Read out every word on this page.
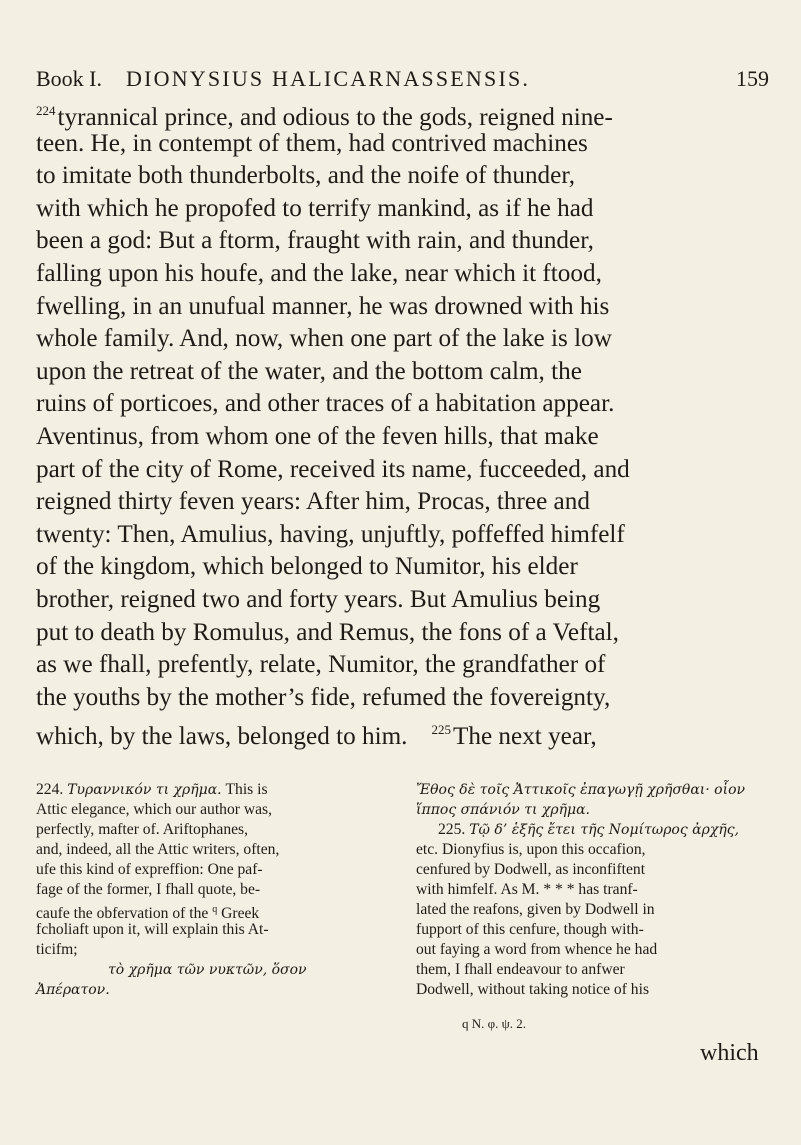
Book I. DIONYSIUS HALICARNASSENSIS.	159
$^{224}$tyrannical prince, and odious to the gods, reigned nine-
teen. He, in contempt of them, had contrived machines
to imitate both thunderbolts, and the noife of thunder,
with which he propofed to terrify mankind, as if he had
been a god: But a ftorm, fraught with rain, and thunder,
falling upon his houfe, and the lake, near which it ftood,
fwelling, in an unufual manner, he was drowned with his
whole family. And, now, when one part of the lake is low
upon the retreat of the water, and the bottom calm, the
ruins of porticoes, and other traces of a habitation appear.
Aventinus, from whom one of the feven hills, that make
part of the city of Rome, received its name, fucceeded, and
reigned thirty feven years: After him, Procas, three and
twenty: Then, Amulius, having, unjuftly, poffeffed himfelf
of the kingdom, which belonged to Numitor, his elder
brother, reigned two and forty years. But Amulius being
put to death by Romulus, and Remus, the fons of a Veftal,
as we fhall, prefently, relate, Numitor, the grandfather of
the youths by the mother’s fide, refumed the fovereignty,
which, by the laws, belonged to him. $^{225}$The next year,
224. Τυραννικόν τι χρῆμα. This is
Attic elegance, which our author was,
perfectly, mafter of. Ariftophanes,
and, indeed, all the Attic writers, often,
ufe this kind of expreffion: One paf-
fage of the former, I fhall quote, be-
caufe the obfervation of the $^q$ Greek
fcholiaft upon it, will explain this At-
ticifm;
τὸ χρῆμα τῶν νυκτῶν, ὅσον
Ἀπέρατον.
Ἔθος δὲ τοῖς Ἀττικοῖς ἐπαγωγῇ χρῆσθαι· οἷον
ἵππος σπάνιόν τι χρῆμα.
225. Τῷ δ’ ἑξῆς ἔτει τῆς Νομίτωρος ἀρχῆς,
etc. Dionyfius is, upon this occafion,
cenfured by Dodwell, as inconfiftent
with himfelf. As M. * * * has tranf-
lated the reafons, given by Dodwell in
fupport of this cenfure, though with-
out faying a word from whence he had
them, I fhall endeavour to anfwer
Dodwell, without taking notice of his
q Ν. φ. ψ. 2.
which
